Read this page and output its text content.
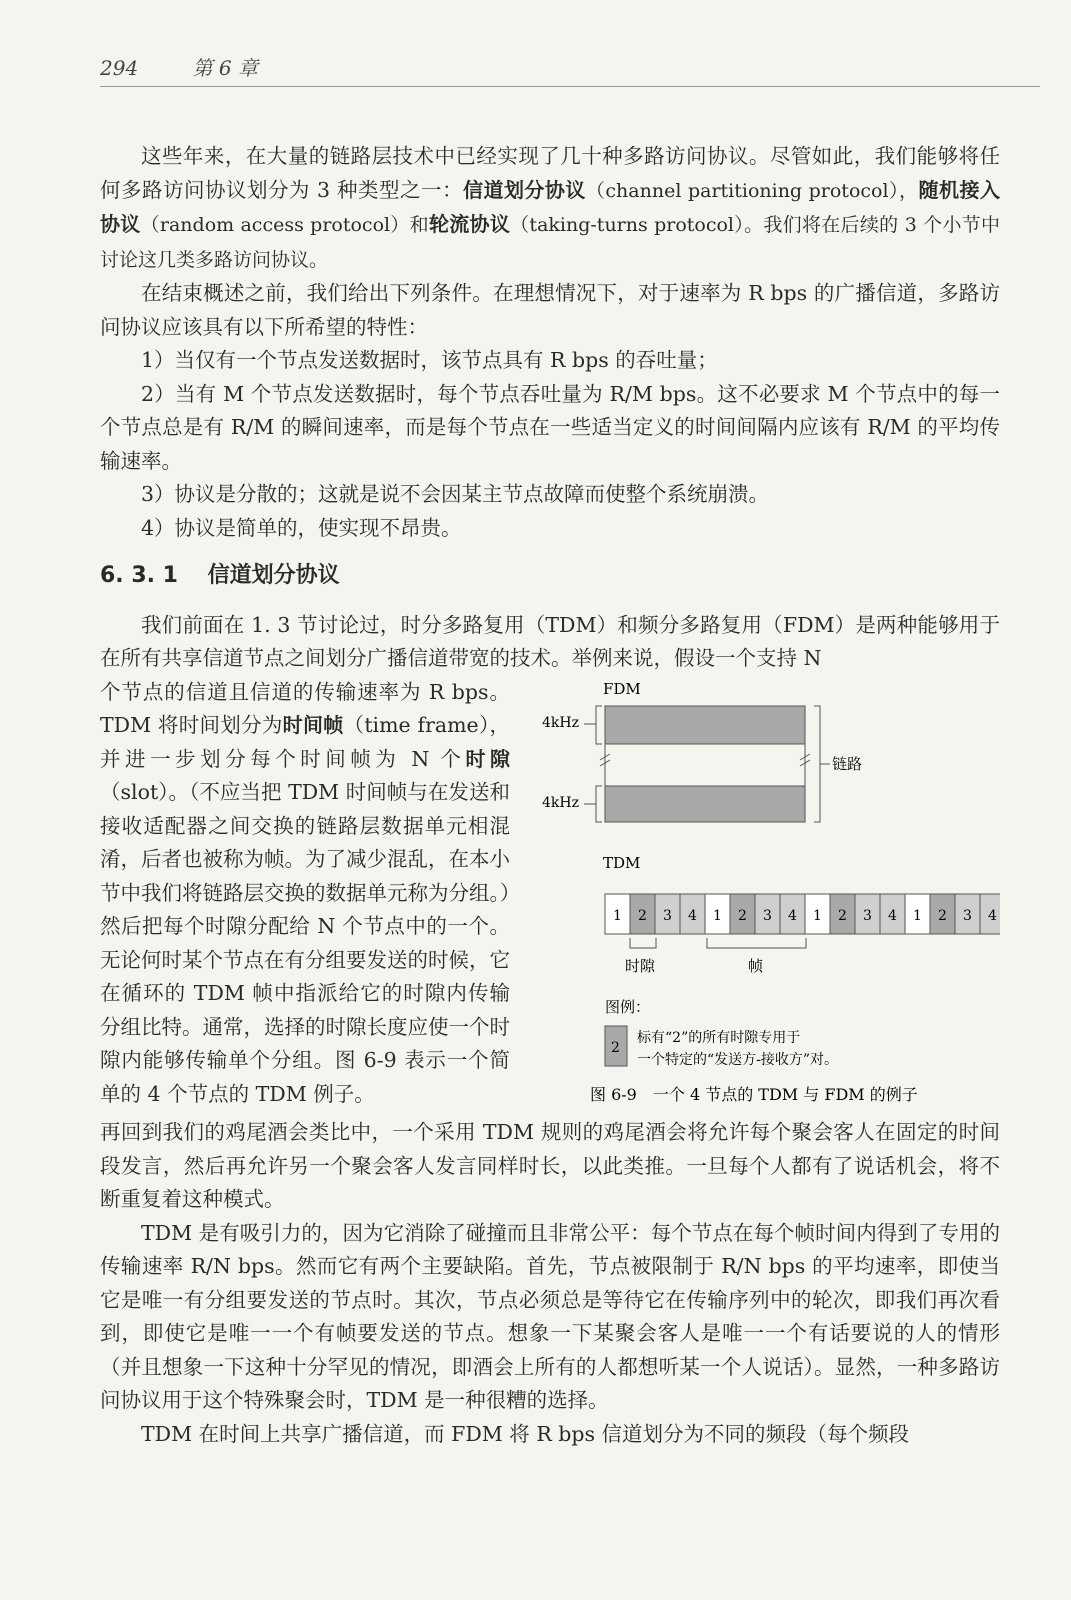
294	第 6 章

这些年来，在大量的链路层技术中已经实现了几十种多路访问协议。尽管如此，我们能够将任何多路访问协议划分为 3 种类型之一：信道划分协议（channel partitioning protocol），随机接入协议（random access protocol）和轮流协议（taking-turns protocol）。我们将在后续的 3 个小节中讨论这几类多路访问协议。

在结束概述之前，我们给出下列条件。在理想情况下，对于速率为 R bps 的广播信道，多路访问协议应该具有以下所希望的特性：

1）当仅有一个节点发送数据时，该节点具有 R bps 的吞吐量；

2）当有 M 个节点发送数据时，每个节点吞吐量为 R/M bps。这不必要求 M 个节点中的每一个节点总是有 R/M 的瞬间速率，而是每个节点在一些适当定义的时间间隔内应该有 R/M 的平均传输速率。

3）协议是分散的；这就是说不会因某主节点故障而使整个系统崩溃。

4）协议是简单的，使实现不昂贵。

6. 3. 1  信道划分协议

我们前面在 1. 3 节讨论过，时分多路复用（TDM）和频分多路复用（FDM）是两种能够用于在所有共享信道节点之间划分广播信道带宽的技术。举例来说，假设一个支持 N

个节点的信道且信道的传输速率为 R bps。TDM 将时间划分为时间帧（time frame），并进一步划分每个时间帧为 N 个时隙（slot）。（不应当把 TDM 时间帧与在发送和接收适配器之间交换的链路层数据单元相混淆，后者也被称为帧。为了减少混乱，在本小节中我们将链路层交换的数据单元称为分组。）然后把每个时隙分配给 N 个节点中的一个。无论何时某个节点在有分组要发送的时候，它在循环的 TDM 帧中指派给它的时隙内传输分组比特。通常，选择的时隙长度应使一个时隙内能够传输单个分组。图 6-9 表示一个简单的 4 个节点的 TDM 例子。

FDM
4kHz
4kHz
链路
TDM
1 2 3 4 1 2 3 4 1 2 3 4 1 2 3 4
时隙	帧
图例：
2
标有“2”的所有时隙专用于
一个特定的“发送方-接收方”对。
图 6-9　一个 4 节点的 TDM 与 FDM 的例子

再回到我们的鸡尾酒会类比中，一个采用 TDM 规则的鸡尾酒会将允许每个聚会客人在固定的时间段发言，然后再允许另一个聚会客人发言同样时长，以此类推。一旦每个人都有了说话机会，将不断重复着这种模式。

TDM 是有吸引力的，因为它消除了碰撞而且非常公平：每个节点在每个帧时间内得到了专用的传输速率 R/N bps。然而它有两个主要缺陷。首先，节点被限制于 R/N bps 的平均速率，即使当它是唯一有分组要发送的节点时。其次，节点必须总是等待它在传输序列中的轮次，即我们再次看到，即使它是唯一一个有帧要发送的节点。想象一下某聚会客人是唯一一个有话要说的人的情形（并且想象一下这种十分罕见的情况，即酒会上所有的人都想听某一个人说话）。显然，一种多路访问协议用于这个特殊聚会时，TDM 是一种很糟的选择。

TDM 在时间上共享广播信道，而 FDM 将 R bps 信道划分为不同的频段（每个频段
